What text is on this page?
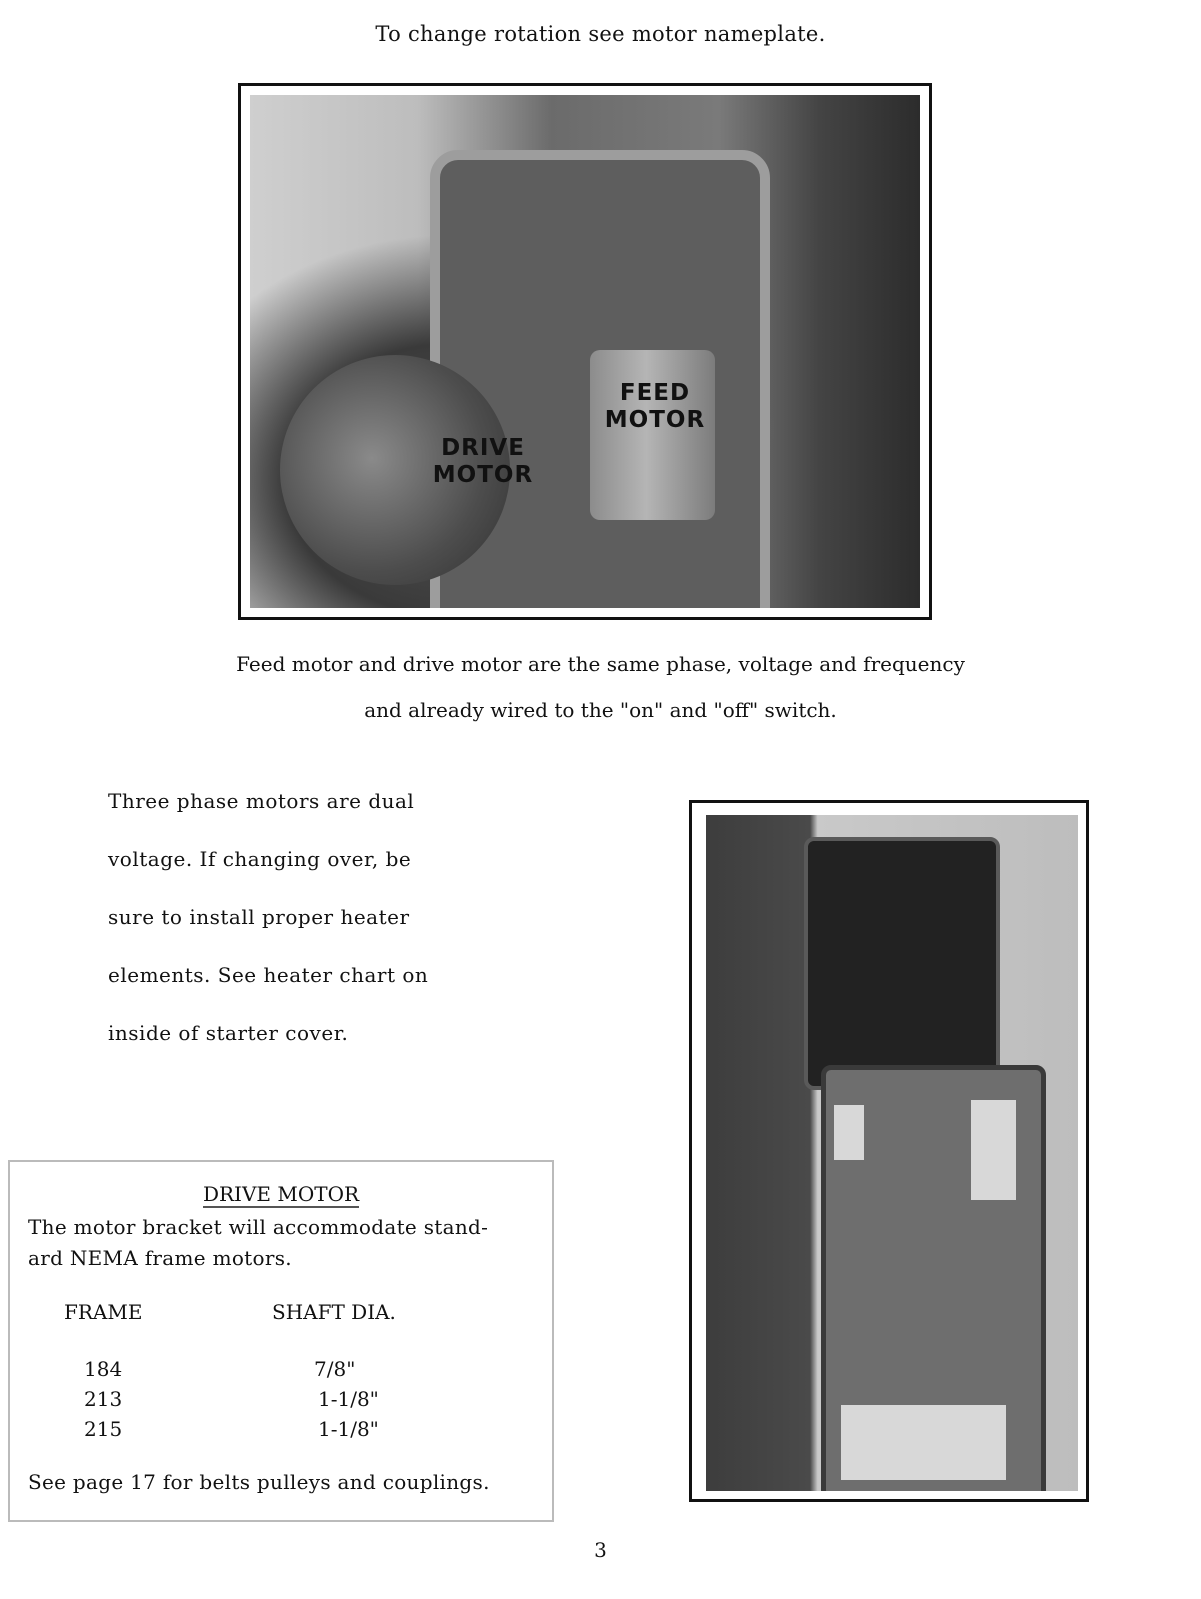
To change rotation see motor nameplate.
FEED
MOTOR
DRIVE
MOTOR
Feed motor and drive motor are the same phase, voltage and frequency
and already wired to the "on" and "off" switch.
Three phase motors are dual
voltage. If changing over, be
sure to install proper heater
elements. See heater chart on
inside of starter cover.
DRIVE MOTOR
The motor bracket will accommodate stand-
ard NEMA frame motors.
FRAME	SHAFT DIA.
184	7/8"
213	1-1/8"
215	1-1/8"
See page 17 for belts pulleys and couplings.
3
